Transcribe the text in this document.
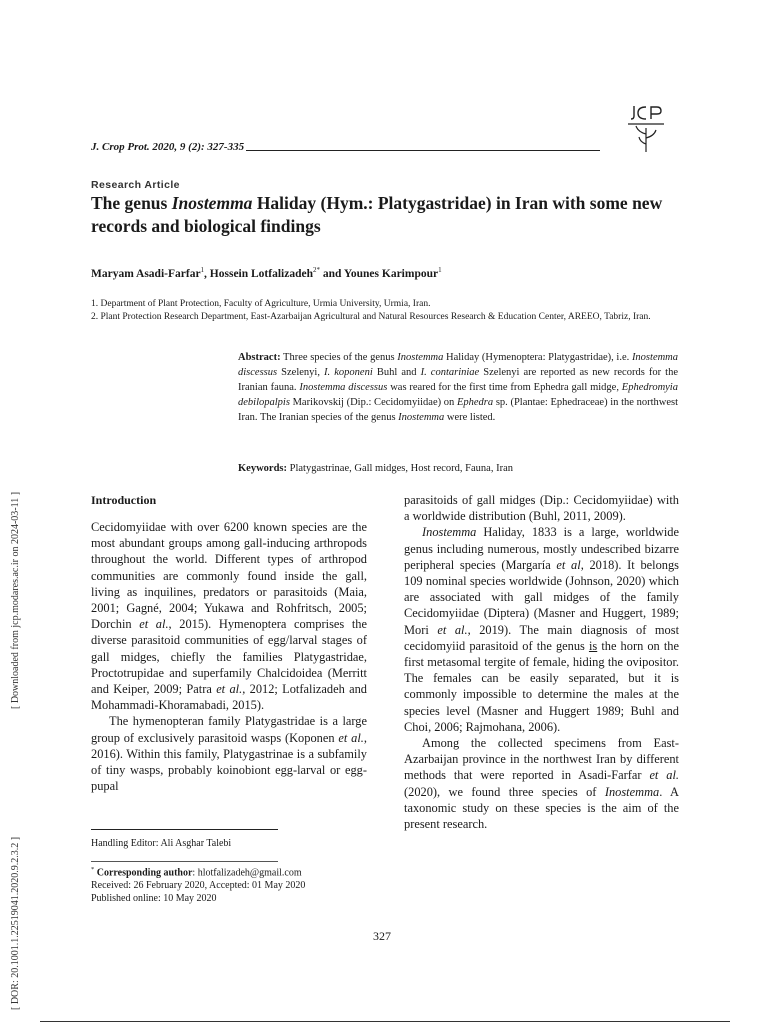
J. Crop Prot. 2020, 9 (2): 327-335
Research Article
The genus Inostemma Haliday (Hym.: Platygastridae) in Iran with some new records and biological findings
Maryam Asadi-Farfar$^1$, Hossein Lotfalizadeh$^{2*}$ and Younes Karimpour$^1$

1. Department of Plant Protection, Faculty of Agriculture, Urmia University, Urmia, Iran.

2. Plant Protection Research Department, East-Azarbaijan Agricultural and Natural Resources Research & Education Center, AREEO, Tabriz, Iran.

Abstract: Three species of the genus Inostemma Haliday (Hymenoptera: Platygastridae), i.e. Inostemma discessus Szelenyi, I. koponeni Buhl and I. contariniae Szelenyi are reported as new records for the Iranian fauna. Inostemma discessus was reared for the first time from Ephedra gall midge, Ephedromyia debilopalpis Marikovskij (Dip.: Cecidomyiidae) on Ephedra sp. (Plantae: Ephedraceae) in the northwest Iran. The Iranian species of the genus Inostemma were listed.
Keywords: Platygastrinae, Gall midges, Host record, Fauna, Iran
Introduction

Cecidomyiidae with over 6200 known species are the most abundant groups among gall-inducing arthropods throughout the world. Different types of arthropod communities are commonly found inside the gall, living as inquilines, predators or parasitoids (Maia, 2001; Gagné, 2004; Yukawa and Rohfritsch, 2005; Dorchin et al., 2015). Hymenoptera comprises the diverse parasitoid communities of egg/larval stages of gall midges, chiefly the families Platygastridae, Proctotrupidae and superfamily Chalcidoidea (Merritt and Keiper, 2009; Patra et al., 2012; Lotfalizadeh and Mohammadi-Khoramabadi, 2015).

The hymenopteran family Platygastridae is a large group of exclusively parasitoid wasps (Koponen et al., 2016). Within this family, Platygastrinae is a subfamily of tiny wasps, probably koinobiont egg-larval or egg-pupal

parasitoids of gall midges (Dip.: Cecidomyiidae) with a worldwide distribution (Buhl, 2011, 2009).

Inostemma Haliday, 1833 is a large, worldwide genus including numerous, mostly undescribed bizarre peripheral species (Margaría et al, 2018). It belongs 109 nominal species worldwide (Johnson, 2020) which are associated with gall midges of the family Cecidomyiidae (Diptera) (Masner and Huggert, 1989; Mori et al., 2019). The main diagnosis of most cecidomyiid parasitoid of the genus is the horn on the first metasomal tergite of female, hiding the ovipositor. The females can be easily separated, but it is commonly impossible to determine the males at the species level (Masner and Huggert 1989; Buhl and Choi, 2006; Rajmohana, 2006).

Among the collected specimens from East-Azarbaijan province in the northwest Iran by different methods that were reported in Asadi-Farfar et al. (2020), we found three species of Inostemma. A taxonomic study on these species is the aim of the present research.

Handling Editor: Ali Asghar Talebi

* Corresponding author: hlotfalizadeh@gmail.com

Received: 26 February 2020, Accepted: 01 May 2020

Published online: 10 May 2020

327
[ Downloaded from jcp.modares.ac.ir on 2024-03-11 ]
[ DOR: 20.1001.1.22519041.2020.9.2.3.2 ]
